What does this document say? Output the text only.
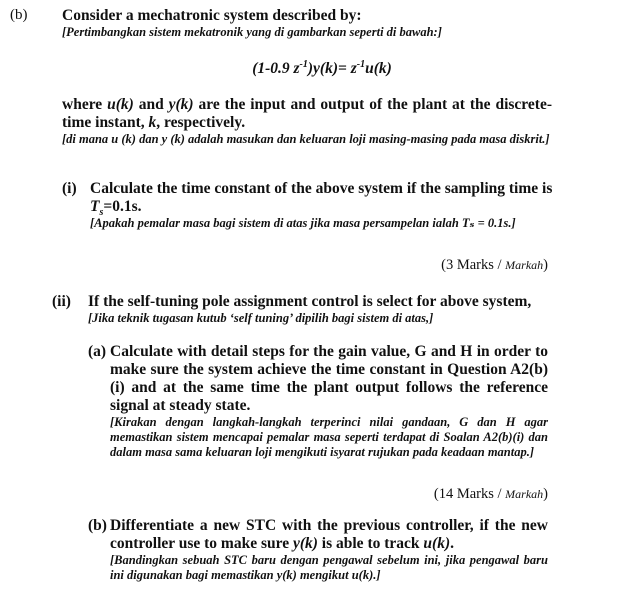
(b) Consider a mechatronic system described by:
[Pertimbangkan sistem mekatronik yang di gambarkan seperti di bawah:]
(1-0.9 $z^{-1})y(k)= z^{-1}u(k)$
where u(k) and y(k) are the input and output of the plant at the discrete-time instant, k, respectively.
[di mana u (k) dan y (k) adalah masukan dan keluaran loji masing-masing pada masa diskrit.]
(i) Calculate the time constant of the above system if the sampling time is
$T_s=0.1s$.
[Apakah pemalar masa bagi sistem di atas jika masa persampelan ialah Tₛ = 0.1s.]
(3 Marks / Markah)
(ii)	If the self-tuning pole assignment control is select for above system,
[Jika teknik tugasan kutub ‘self tuning’ dipilih bagi sistem di atas,]
(a) Calculate with detail steps for the gain value, G and H in order to make sure the system achieve the time constant in Question A2(b)(i) and at the same time the plant output follows the reference signal at steady state.
[Kirakan dengan langkah-langkah terperinci nilai gandaan, G dan H agar memastikan sistem mencapai pemalar masa seperti terdapat di Soalan A2(b)(i) dan dalam masa sama keluaran loji mengikuti isyarat rujukan pada keadaan mantap.]
(14 Marks / Markah)
(b) Differentiate a new STC with the previous controller, if the new controller use to make sure y(k) is able to track u(k).
[Bandingkan sebuah STC baru dengan pengawal sebelum ini, jika pengawal baru ini digunakan bagi memastikan y(k) mengikut u(k).]
